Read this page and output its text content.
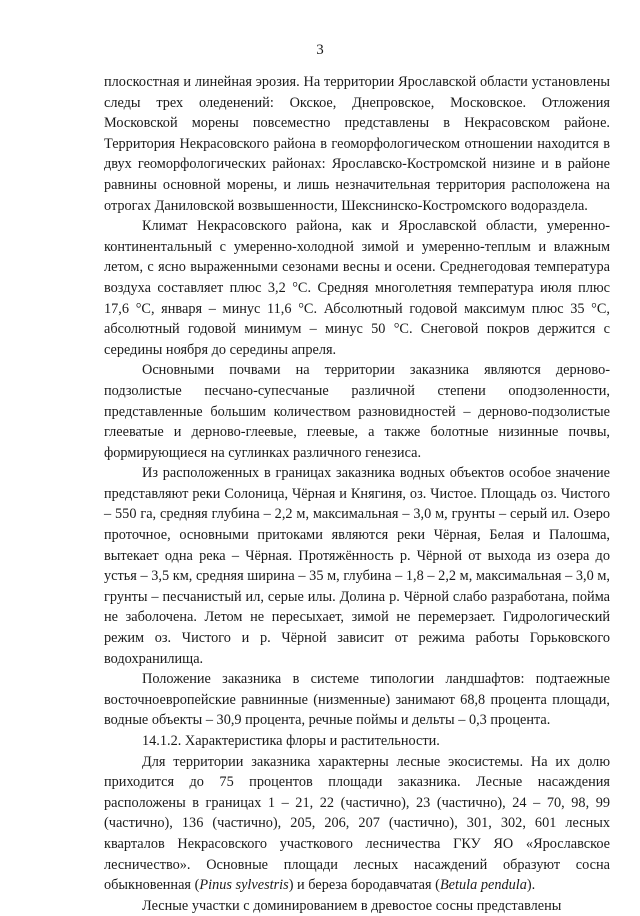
3

плоскостная и линейная эрозия. На территории Ярославской области установлены следы трех оледенений: Окское, Днепровское, Московское. Отложения Московской морены повсеместно представлены в Некрасовском районе. Территория Некрасовского района в геоморфологическом отношении находится в двух геоморфологических районах: Ярославско-Костромской низине и в районе равнины основной морены, и лишь незначительная территория расположена на отрогах Даниловской возвышенности, Шекснинско-Костромского водораздела.

Климат Некрасовского района, как и Ярославской области, умеренно-континентальный с умеренно-холодной зимой и умеренно-теплым и влажным летом, с ясно выраженными сезонами весны и осени. Среднегодовая температура воздуха составляет плюс 3,2 °С. Средняя многолетняя температура июля плюс 17,6 °С, января – минус 11,6 °С. Абсолютный годовой максимум плюс 35 °С, абсолютный годовой минимум – минус 50 °С. Снеговой покров держится с середины ноября до середины апреля.

Основными почвами на территории заказника являются дерново-подзолистые песчано-супесчаные различной степени оподзоленности, представленные большим количеством разновидностей – дерново-подзолистые глееватые и дерново-глеевые, глеевые, а также болотные низинные почвы, формирующиеся на суглинках различного генезиса.

Из расположенных в границах заказника водных объектов особое значение представляют реки Солоница, Чёрная и Княгиня, оз. Чистое. Площадь оз. Чистого – 550 га, средняя глубина – 2,2 м, максимальная – 3,0 м, грунты – серый ил. Озеро проточное, основными притоками являются реки Чёрная, Белая и Палошма, вытекает одна река – Чёрная. Протяжённость р. Чёрной от выхода из озера до устья – 3,5 км, средняя ширина – 35 м, глубина – 1,8 – 2,2 м, максимальная – 3,0 м, грунты – песчанистый ил, серые илы. Долина р. Чёрной слабо разработана, пойма не заболочена. Летом не пересыхает, зимой не перемерзает. Гидрологический режим оз. Чистого и р. Чёрной зависит от режима работы Горьковского водохранилища.

Положение заказника в системе типологии ландшафтов: подтаежные восточноевропейские равнинные (низменные) занимают 68,8 процента площади, водные объекты – 30,9 процента, речные поймы и дельты – 0,3 процента.

14.1.2. Характеристика флоры и растительности.

Для территории заказника характерны лесные экосистемы. На их долю приходится до 75 процентов площади заказника. Лесные насаждения расположены в границах 1 – 21, 22 (частично), 23 (частично), 24 – 70, 98, 99 (частично), 136 (частично), 205, 206, 207 (частично), 301, 302, 601 лесных кварталов Некрасовского участкового лесничества ГКУ ЯО «Ярославское лесничество». Основные площади лесных насаждений образуют сосна обыкновенная (Pinus sylvestris) и береза бородавчатая (Betula pendula).

Лесные участки с доминированием в древостое сосны представлены
